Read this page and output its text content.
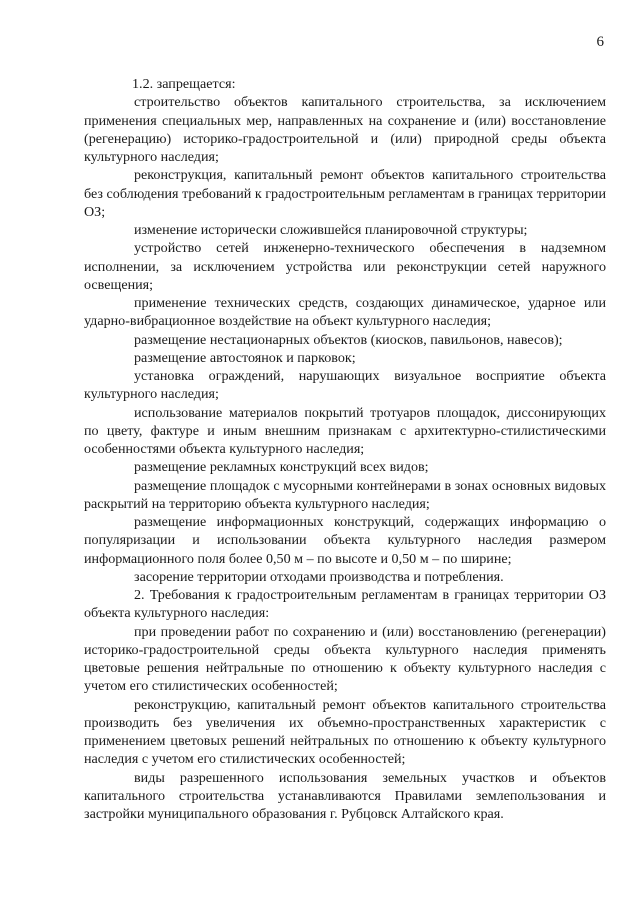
6

1.2. запрещается:

строительство объектов капитального строительства, за исключением применения специальных мер, направленных на сохранение и (или) восстановление (регенерацию) историко-градостроительной и (или) природной среды объекта культурного наследия;

реконструкция, капитальный ремонт объектов капитального строительства без соблюдения требований к градостроительным регламентам в границах территории ОЗ;

изменение исторически сложившейся планировочной структуры;

устройство сетей инженерно-технического обеспечения в надземном исполнении, за исключением устройства или реконструкции сетей наружного освещения;

применение технических средств, создающих динамическое, ударное или ударно-вибрационное воздействие на объект культурного наследия;

размещение нестационарных объектов (киосков, павильонов, навесов);

размещение автостоянок и парковок;

установка ограждений, нарушающих визуальное восприятие объекта культурного наследия;

использование материалов покрытий тротуаров площадок, диссонирующих по цвету, фактуре и иным внешним признакам с архитектурно-стилистическими особенностями объекта культурного наследия;

размещение рекламных конструкций всех видов;

размещение площадок с мусорными контейнерами в зонах основных видовых раскрытий на территорию объекта культурного наследия;

размещение информационных конструкций, содержащих информацию о популяризации и использовании объекта культурного наследия размером информационного поля более 0,50 м – по высоте и 0,50 м – по ширине;

засорение территории отходами производства и потребления.

2. Требования к градостроительным регламентам в границах территории ОЗ объекта культурного наследия:

при проведении работ по сохранению и (или) восстановлению (регенерации) историко-градостроительной среды объекта культурного наследия применять цветовые решения нейтральные по отношению к объекту культурного наследия с учетом его стилистических особенностей;

реконструкцию, капитальный ремонт объектов капитального строительства производить без увеличения их объемно-пространственных характеристик с применением цветовых решений нейтральных по отношению к объекту культурного наследия с учетом его стилистических особенностей;

виды разрешенного использования земельных участков и объектов капитального строительства устанавливаются Правилами землепользования и застройки муниципального образования г. Рубцовск Алтайского края.
